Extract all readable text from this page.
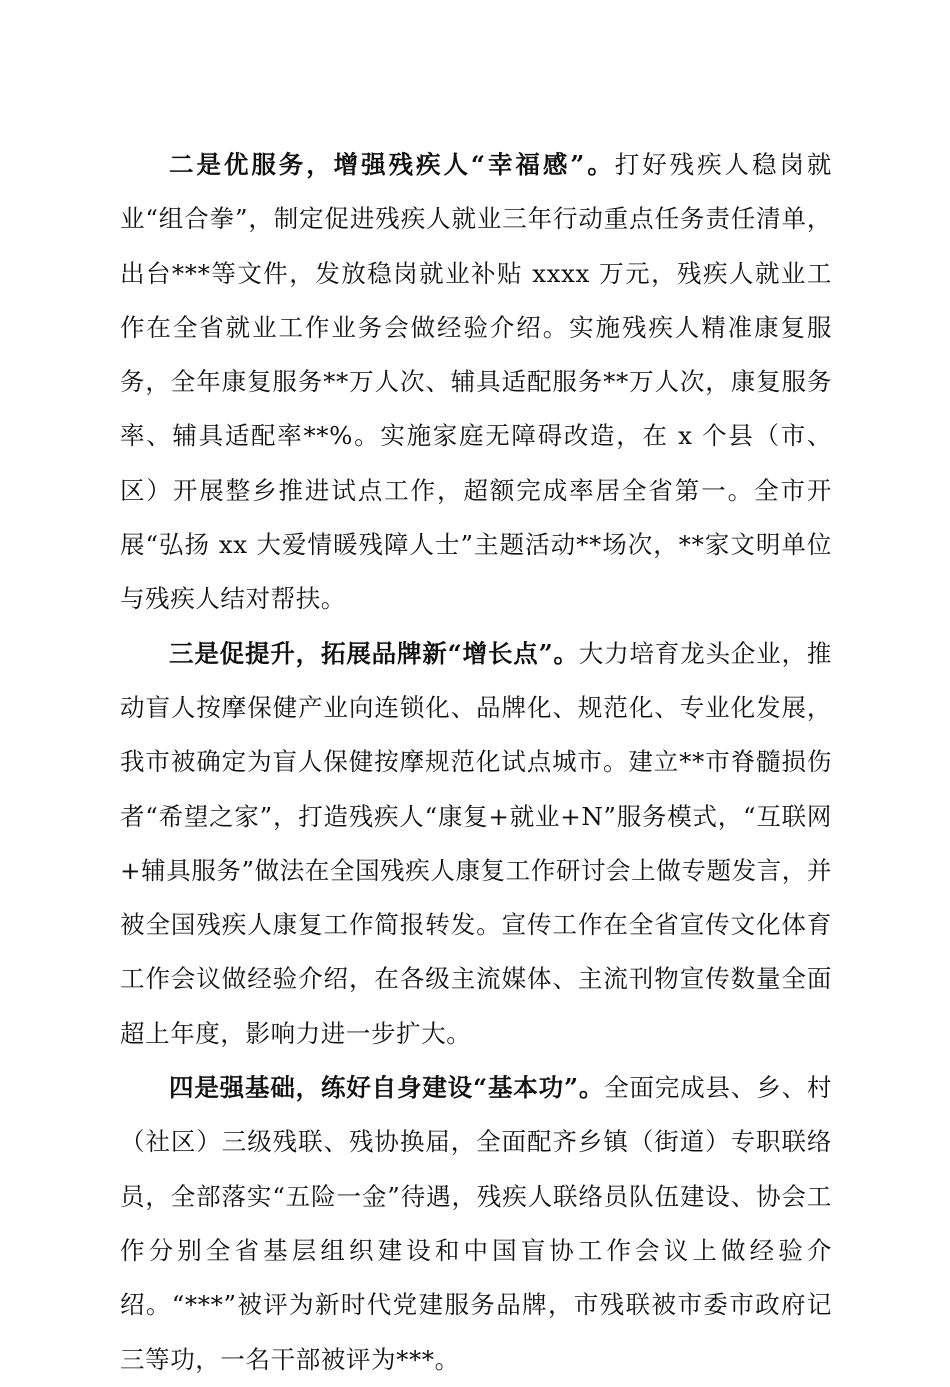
二是优服务，增强残疾人“幸福感”。打好残疾人稳岗就业“组合拳”，制定促进残疾人就业三年行动重点任务责任清单，出台***等文件，发放稳岗就业补贴 xxxx 万元，残疾人就业工作在全省就业工作业务会做经验介绍。实施残疾人精准康复服务，全年康复服务**万人次、辅具适配服务**万人次，康复服务率、辅具适配率**%。实施家庭无障碍改造，在 x 个县（市、区）开展整乡推进试点工作，超额完成率居全省第一。全市开展“弘扬 xx 大爱情暖残障人士”主题活动**场次，**家文明单位与残疾人结对帮扶。

三是促提升，拓展品牌新“增长点”。大力培育龙头企业，推动盲人按摩保健产业向连锁化、品牌化、规范化、专业化发展，我市被确定为盲人保健按摩规范化试点城市。建立**市脊髓损伤者“希望之家”，打造残疾人“康复+就业+N”服务模式，“互联网+辅具服务”做法在全国残疾人康复工作研讨会上做专题发言，并被全国残疾人康复工作简报转发。宣传工作在全省宣传文化体育工作会议做经验介绍，在各级主流媒体、主流刊物宣传数量全面超上年度，影响力进一步扩大。

四是强基础，练好自身建设“基本功”。全面完成县、乡、村（社区）三级残联、残协换届，全面配齐乡镇（街道）专职联络员，全部落实“五险一金”待遇，残疾人联络员队伍建设、协会工作分别全省基层组织建设和中国盲协工作会议上做经验介绍。“***”被评为新时代党建服务品牌，市残联被市委市政府记三等功，一名干部被评为***。
